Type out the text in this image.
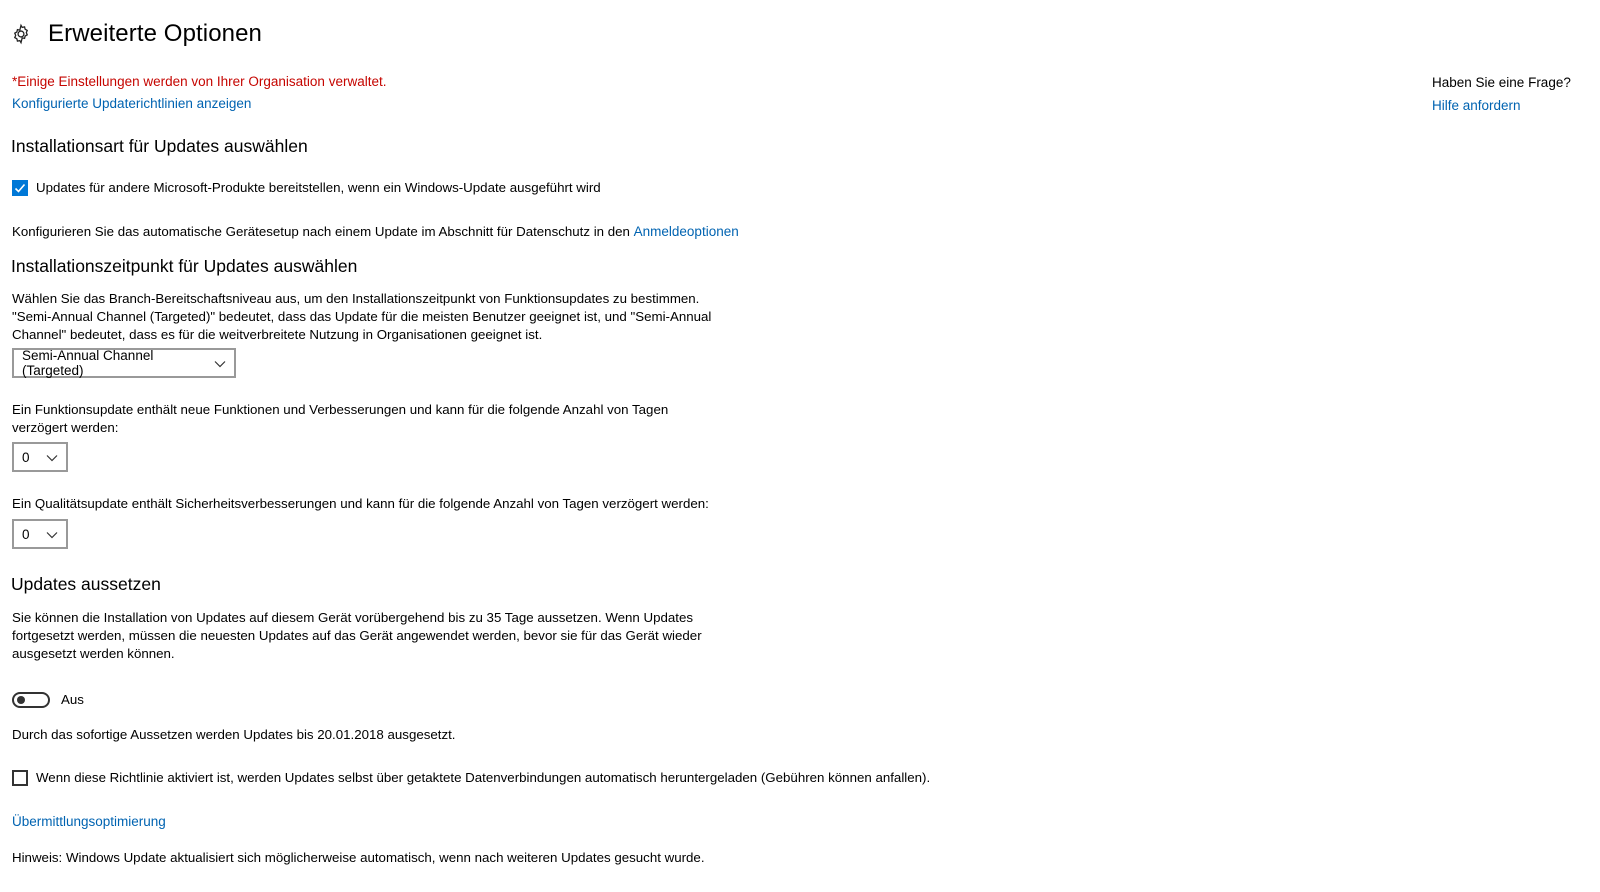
Erweiterte Optionen
*Einige Einstellungen werden von Ihrer Organisation verwaltet.
Konfigurierte Updaterichtlinien anzeigen
Haben Sie eine Frage?
Hilfe anfordern
Installationsart für Updates auswählen
Updates für andere Microsoft-Produkte bereitstellen, wenn ein Windows-Update ausgeführt wird
Konfigurieren Sie das automatische Gerätesetup nach einem Update im Abschnitt für Datenschutz in den Anmeldeoptionen
Installationszeitpunkt für Updates auswählen
Wählen Sie das Branch-Bereitschaftsniveau aus, um den Installationszeitpunkt von Funktionsupdates zu bestimmen.
"Semi-Annual Channel (Targeted)" bedeutet, dass das Update für die meisten Benutzer geeignet ist, und "Semi-Annual
Channel" bedeutet, dass es für die weitverbreitete Nutzung in Organisationen geeignet ist.
Semi-Annual Channel (Targeted)
Ein Funktionsupdate enthält neue Funktionen und Verbesserungen und kann für die folgende Anzahl von Tagen
verzögert werden:
0
Ein Qualitätsupdate enthält Sicherheitsverbesserungen und kann für die folgende Anzahl von Tagen verzögert werden:
0
Updates aussetzen
Sie können die Installation von Updates auf diesem Gerät vorübergehend bis zu 35 Tage aussetzen. Wenn Updates
fortgesetzt werden, müssen die neuesten Updates auf das Gerät angewendet werden, bevor sie für das Gerät wieder
ausgesetzt werden können.
Aus
Durch das sofortige Aussetzen werden Updates bis 20.01.2018 ausgesetzt.
Wenn diese Richtlinie aktiviert ist, werden Updates selbst über getaktete Datenverbindungen automatisch heruntergeladen (Gebühren können anfallen).
Übermittlungsoptimierung
Hinweis: Windows Update aktualisiert sich möglicherweise automatisch, wenn nach weiteren Updates gesucht wurde.
